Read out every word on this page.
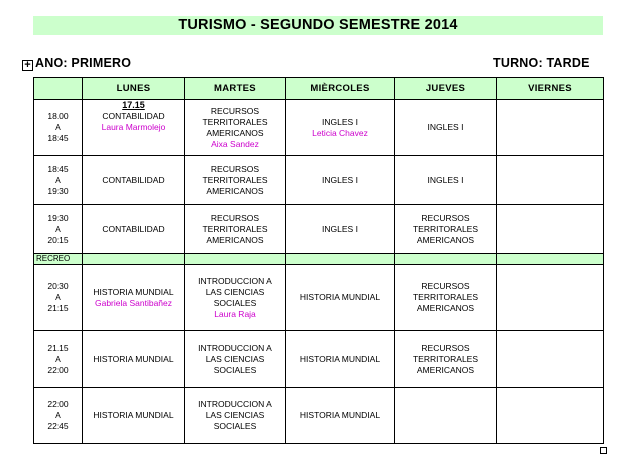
TURISMO - SEGUNDO SEMESTRE 2014
+ ANO: PRIMERO	TURNO: TARDE
	LUNES	MARTES	MIÈRCOLES	JUEVES	VIERNES

18.00
A
18:45	17.15
CONTABILIDAD
Laura Marmolejo	RECURSOS
TERRITORALES
AMERICANOS
Aixa Sandez	INGLES I
Leticia Chavez	INGLES I	

18:45
A
19:30	CONTABILIDAD	RECURSOS
TERRITORALES
AMERICANOS	INGLES I	INGLES I	

19:30
A
20:15	CONTABILIDAD	RECURSOS
TERRITORALES
AMERICANOS	INGLES I	RECURSOS
TERRITORALES
AMERICANOS	

RECREO					

20:30
A
21:15	HISTORIA MUNDIAL
Gabriela Santibañez	INTRODUCCION A
LAS CIENCIAS
SOCIALES
Laura Raja	HISTORIA MUNDIAL	RECURSOS
TERRITORALES
AMERICANOS	

21.15
A
22:00	HISTORIA MUNDIAL	INTRODUCCION A
LAS CIENCIAS
SOCIALES	HISTORIA MUNDIAL	RECURSOS
TERRITORALES
AMERICANOS	

22:00
A
22:45	HISTORIA MUNDIAL	INTRODUCCION A
LAS CIENCIAS
SOCIALES	HISTORIA MUNDIAL		
